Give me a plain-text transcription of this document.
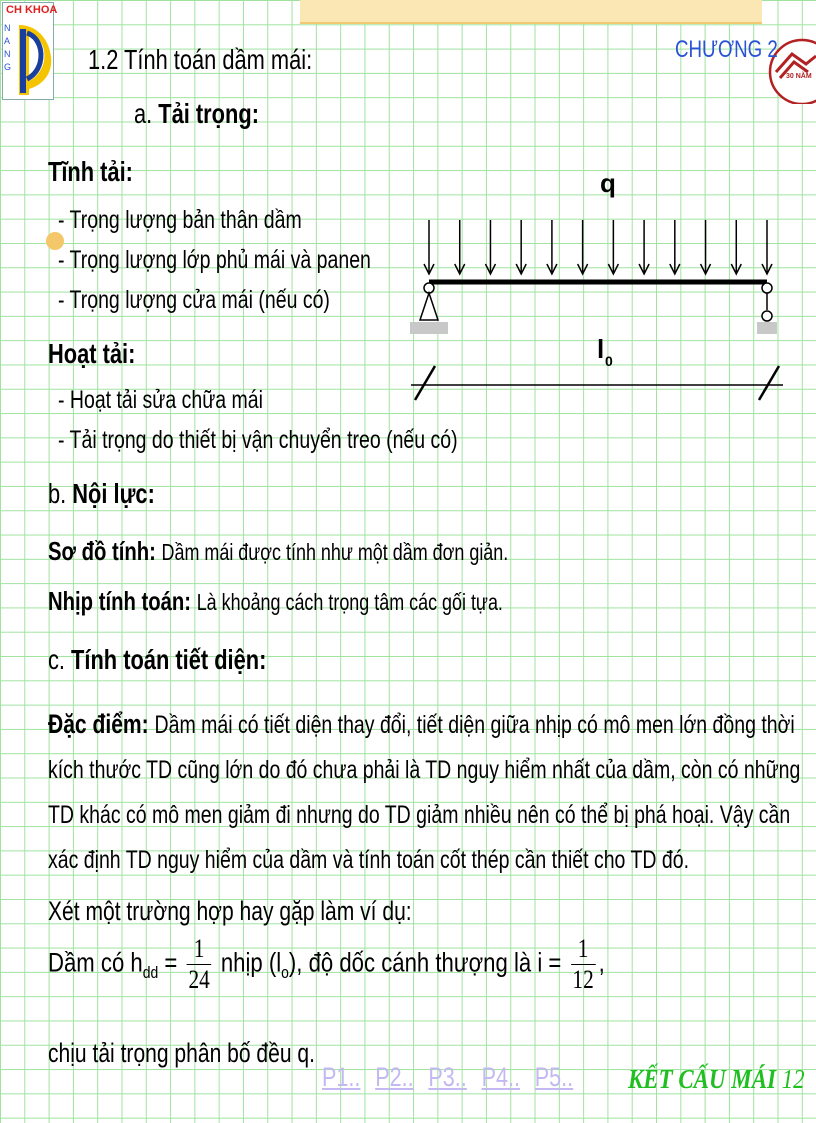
CH KHOA
NANG
30 NĂM
CHƯƠNG 2
1.2 Tính toán dầm mái:
a. Tải trọng:
Tĩnh tải:
- Trọng lượng bản thân dầm
- Trọng lượng lớp phủ mái và panen
- Trọng lượng cửa mái (nếu có)
Hoạt tải:
- Hoạt tải sửa chữa mái
- Tải trọng do thiết bị vận chuyển treo (nếu có)
q
l 0
b. Nội lực:
Sơ đồ tính: Dầm mái được tính như một dầm đơn giản.
Nhịp tính toán: Là khoảng cách trọng tâm các gối tựa.
c. Tính toán tiết diện:
Đặc điểm: Dầm mái có tiết diện thay đổi, tiết diện giữa nhịp có mô men lớn đồng thời
kích thước TD cũng lớn do đó chưa phải là TD nguy hiểm nhất của dầm, còn có những
TD khác có mô men giảm đi nhưng do TD giảm nhiều nên có thể bị phá hoại. Vậy cần
xác định TD nguy hiểm của dầm và tính toán cốt thép cần thiết cho TD đó.
Xét một trường hợp hay gặp làm ví dụ:
Dầm có $h_{dd} = \frac{1}{24}$ nhịp $(l_o)$, độ dốc cánh thượng là $i = \frac{1}{12}$ ,
chịu tải trọng phân bố đều q.
P1.. P2.. P3.. P4.. P5..	KẾT CẤU MÁI 12
